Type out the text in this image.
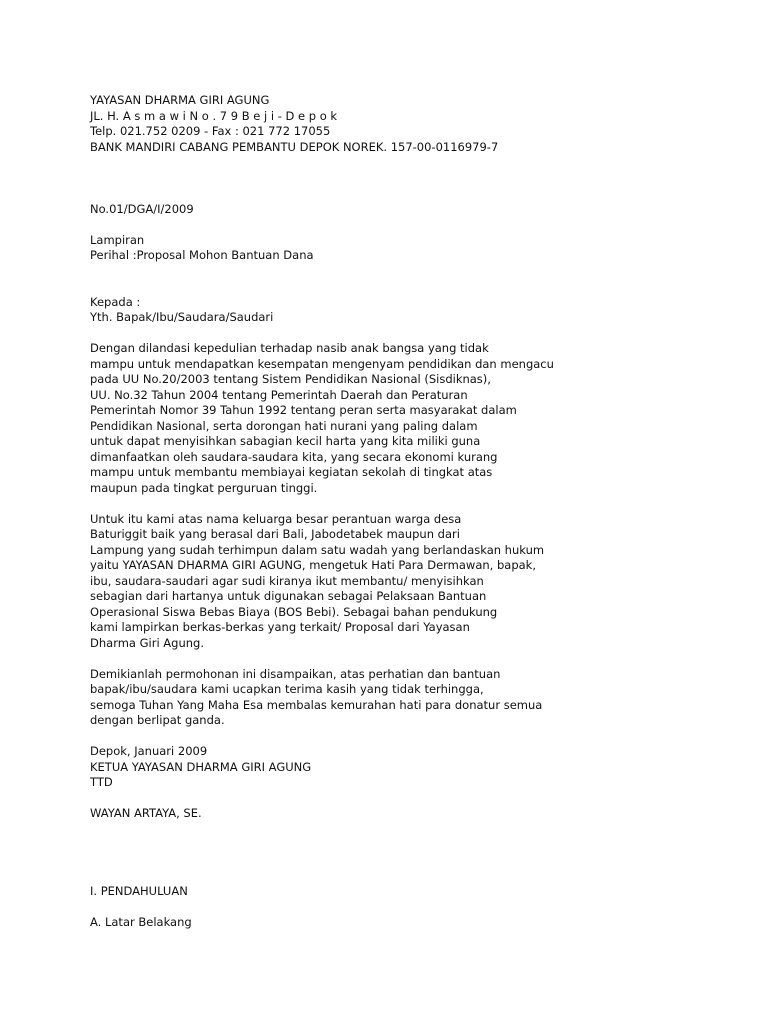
YAYASAN DHARMA GIRI AGUNG
JL. H. A s m a w i N o . 7 9 B e j i - D e p o k
Telp. 021.752 0209 - Fax : 021 772 17055
BANK MANDIRI CABANG PEMBANTU DEPOK NOREK. 157-00-0116979-7
No.01/DGA/I/2009
Lampiran
Perihal :Proposal Mohon Bantuan Dana
Kepada :
Yth. Bapak/Ibu/Saudara/Saudari
Dengan dilandasi kepedulian terhadap nasib anak bangsa yang tidak
mampu untuk mendapatkan kesempatan mengenyam pendidikan dan mengacu
pada UU No.20/2003 tentang Sistem Pendidikan Nasional (Sisdiknas),
UU. No.32 Tahun 2004 tentang Pemerintah Daerah dan Peraturan
Pemerintah Nomor 39 Tahun 1992 tentang peran serta masyarakat dalam
Pendidikan Nasional, serta dorongan hati nurani yang paling dalam
untuk dapat menyisihkan sabagian kecil harta yang kita miliki guna
dimanfaatkan oleh saudara-saudara kita, yang secara ekonomi kurang
mampu untuk membantu membiayai kegiatan sekolah di tingkat atas
maupun pada tingkat perguruan tinggi.
Untuk itu kami atas nama keluarga besar perantuan warga desa
Baturiggit baik yang berasal dari Bali, Jabodetabek maupun dari
Lampung yang sudah terhimpun dalam satu wadah yang berlandaskan hukum
yaitu YAYASAN DHARMA GIRI AGUNG, mengetuk Hati Para Dermawan, bapak,
ibu, saudara-saudari agar sudi kiranya ikut membantu/ menyisihkan
sebagian dari hartanya untuk digunakan sebagai Pelaksaan Bantuan
Operasional Siswa Bebas Biaya (BOS Bebi). Sebagai bahan pendukung
kami lampirkan berkas-berkas yang terkait/ Proposal dari Yayasan
Dharma Giri Agung.
Demikianlah permohonan ini disampaikan, atas perhatian dan bantuan
bapak/ibu/saudara kami ucapkan terima kasih yang tidak terhingga,
semoga Tuhan Yang Maha Esa membalas kemurahan hati para donatur semua
dengan berlipat ganda.
Depok, Januari 2009
KETUA YAYASAN DHARMA GIRI AGUNG
TTD
WAYAN ARTAYA, SE.
I. PENDAHULUAN
A. Latar Belakang
